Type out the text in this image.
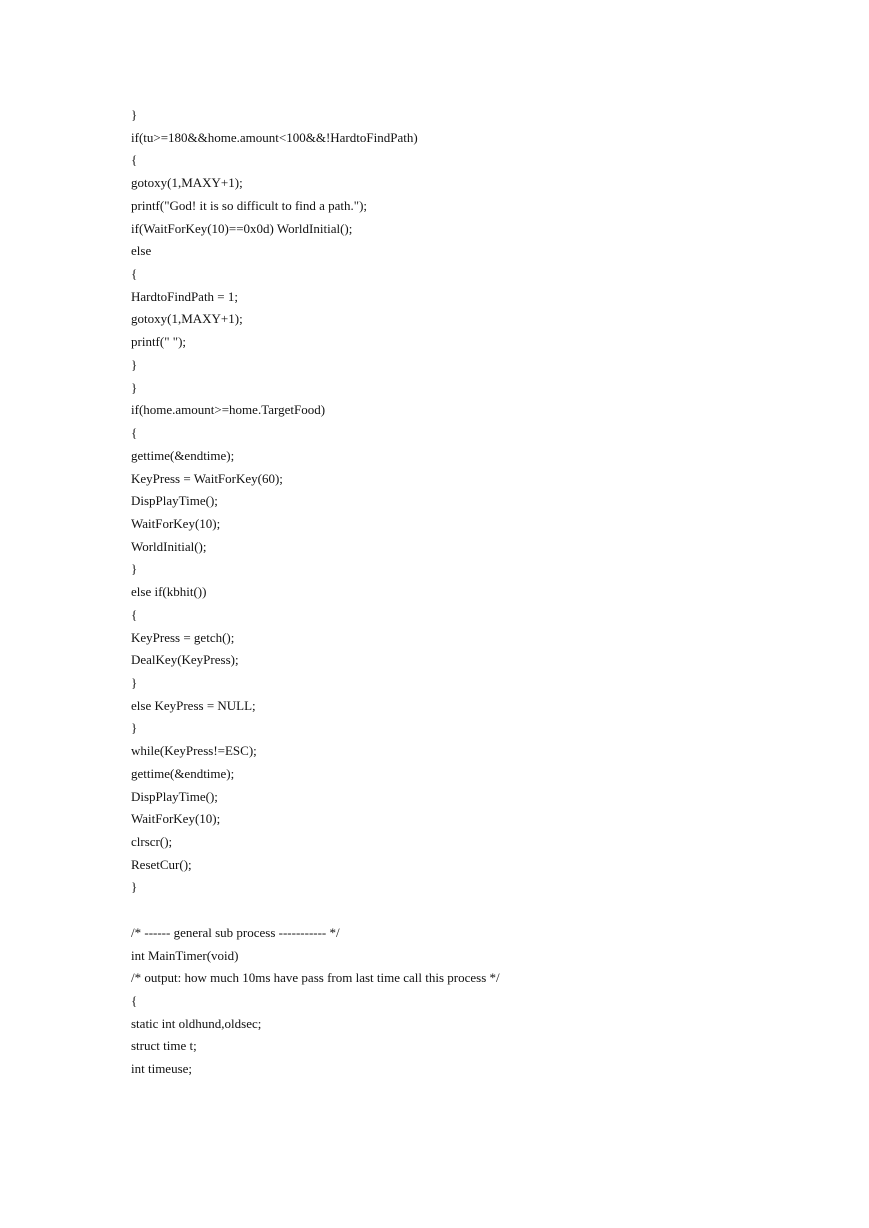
}
if(tu>=180&&home.amount<100&&!HardtoFindPath)
{
gotoxy(1,MAXY+1);
printf("God! it is so difficult to find a path.");
if(WaitForKey(10)==0x0d) WorldInitial();
else
{
HardtoFindPath = 1;
gotoxy(1,MAXY+1);
printf(" ");
}
}
if(home.amount>=home.TargetFood)
{
gettime(&endtime);
KeyPress = WaitForKey(60);
DispPlayTime();
WaitForKey(10);
WorldInitial();
}
else if(kbhit())
{
KeyPress = getch();
DealKey(KeyPress);
}
else KeyPress = NULL;
}
while(KeyPress!=ESC);
gettime(&endtime);
DispPlayTime();
WaitForKey(10);
clrscr();
ResetCur();
}
/* ------ general sub process ----------- */
int MainTimer(void)
/* output: how much 10ms have pass from last time call this process */
{
static int oldhund,oldsec;
struct time t;
int timeuse;
